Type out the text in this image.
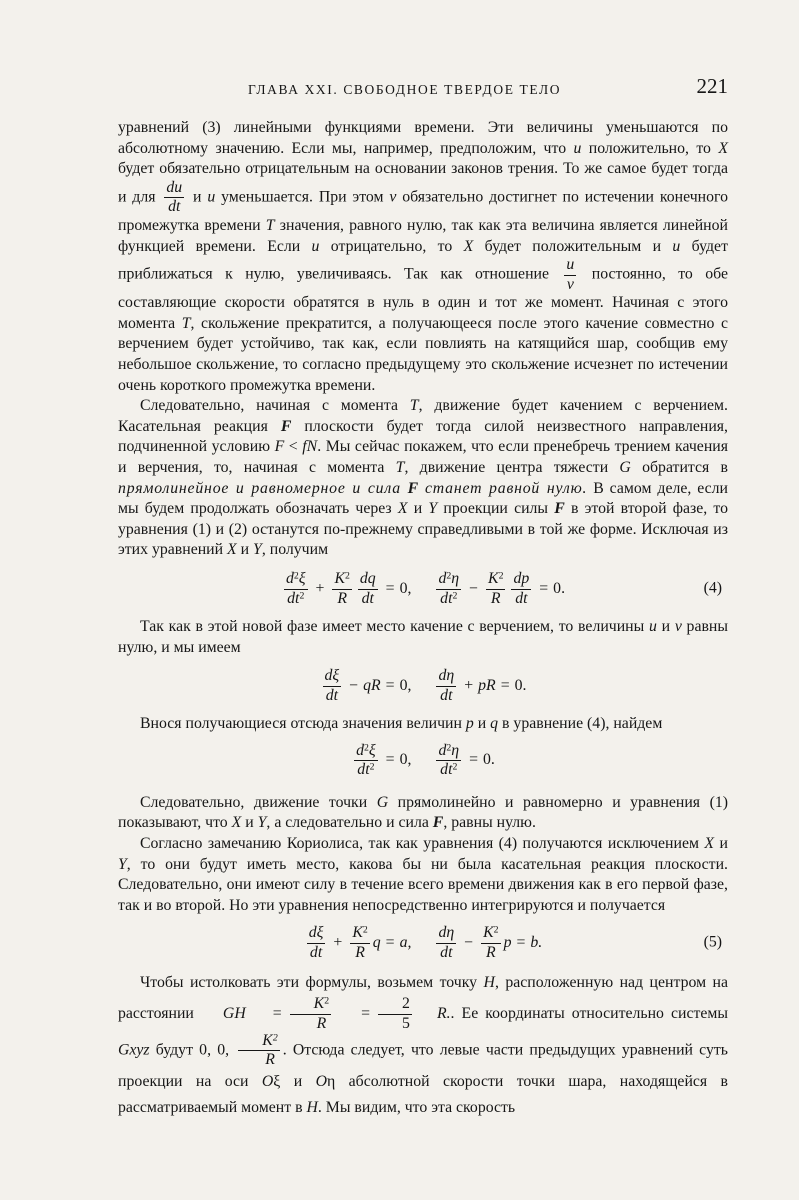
ГЛАВА XXI. СВОБОДНОЕ ТВЕРДОЕ ТЕЛО	221

уравнений (3) линейными функциями времени. Эти величины уменьшаются по абсолютному значению. Если мы, например, предположим, что u положительно, то X будет обязательно отрицательным на основании законов трения. То же самое будет тогда и для $\frac{du}{dt}$ и u уменьшается. При этом v обязательно достигнет по истечении конечного промежутка времени T значения, равного нулю, так как эта величина является линейной функцией времени. Если u отрицательно, то X будет положительным и u будет приближаться к нулю, увеличиваясь. Так как отношение $\frac{u}{v}$ постоянно, то обе составляющие скорости обратятся в нуль в один и тот же момент. Начиная с этого момента T, скольжение прекратится, а получающееся после этого качение совместно с верчением будет устойчиво, так как, если повлиять на катящийся шар, сообщив ему небольшое скольжение, то согласно предыдущему это скольжение исчезнет по истечении очень короткого промежутка времени.

Следовательно, начиная с момента T, движение будет качением с верчением. Касательная реакция F плоскости будет тогда силой неизвестного направления, подчиненной условию F < fN. Мы сейчас покажем, что если пренебречь трением качения и верчения, то, начиная с момента T, движение центра тяжести G обратится в прямолинейное и равномерное и сила F станет равной нулю. В самом деле, если мы будем продолжать обозначать через X и Y проекции силы F в этой второй фазе, то уравнения (1) и (2) останутся по-прежнему справедливыми в той же форме. Исключая из этих уравнений X и Y, получим

$\frac{d^2\xi}{dt^2} + \frac{K^2}{R} \frac{dq}{dt} = 0$, $\frac{d^2\eta}{dt^2} - \frac{K^2}{R} \frac{dp}{dt} = 0$.	(4)

Так как в этой новой фазе имеет место качение с верчением, то величины u и v равны нулю, и мы имеем

$\frac{d\xi}{dt}$ − qR = 0, $\frac{d\eta}{dt}$ + pR = 0.

Внося получающиеся отсюда значения величин p и q в уравнение (4), найдем

$\frac{d^2\xi}{dt^2} = 0$, $\frac{d^2\eta}{dt^2} = 0$.

Следовательно, движение точки G прямолинейно и равномерно и уравнения (1) показывают, что X и Y, а следовательно и сила F, равны нулю.

Согласно замечанию Кориолиса, так как уравнения (4) получаются исключением X и Y, то они будут иметь место, какова бы ни была касательная реакция плоскости. Следовательно, они имеют силу в течение всего времени движения как в его первой фазе, так и во второй. Но эти уравнения непосредственно интегрируются и получается

$\frac{d\xi}{dt} + \frac{K^2}{R}$ q = a, $\frac{d\eta}{dt} - \frac{K^2}{R}$ p = b.	(5)

Чтобы истолковать эти формулы, возьмем точку H, расположенную над центром на расстоянии GH	= $\frac{K^2}{R}$	= $\frac{2}{5} R$.. Ее координаты относительно системы Gxyz будут 0, 0, $\frac{K^2}{R}$ . Отсюда следует, что левые части предыдущих уравнений суть проекции на оси Oξ и Oη абсолютной скорости точки шара, находящейся в рассматриваемый момент в H. Мы видим, что эта скорость
